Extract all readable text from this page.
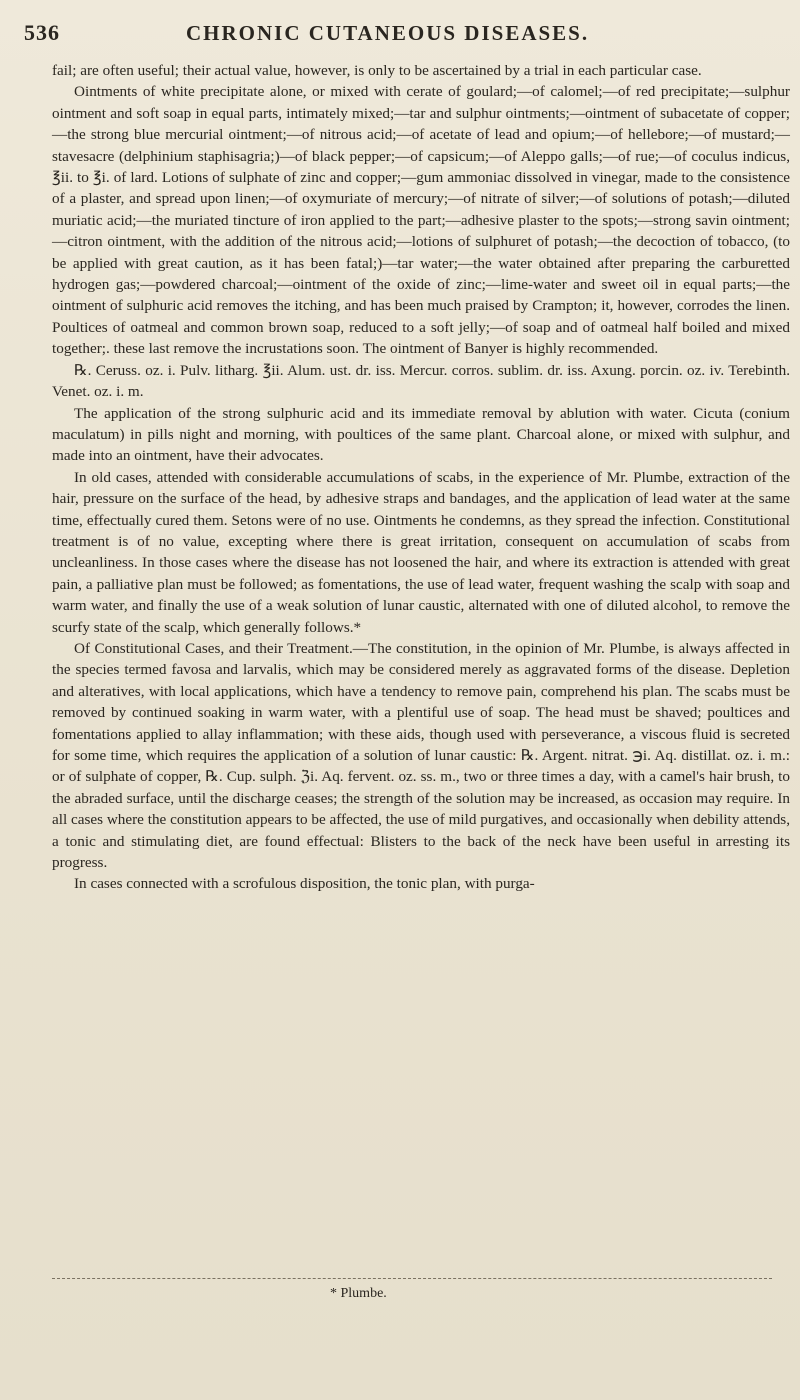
536	CHRONIC CUTANEOUS DISEASES.

fail; are often useful; their actual value, however, is only to be ascertained by a trial in each particular case.

Ointments of white precipitate alone, or mixed with cerate of goulard;—of calomel;—of red precipitate;—sulphur ointment and soft soap in equal parts, intimately mixed;—tar and sulphur ointments;—ointment of subacetate of copper;—the strong blue mercurial ointment;—of nitrous acid;—of acetate of lead and opium;—of hellebore;—of mustard;—stavesacre (delphinium staphisagria;)—of black pepper;—of capsicum;—of Aleppo galls;—of rue;—of coculus indicus, ℥ii. to ℥i. of lard. Lotions of sulphate of zinc and copper;—gum ammoniac dissolved in vinegar, made to the consistence of a plaster, and spread upon linen;—of oxymuriate of mercury;—of nitrate of silver;—of solutions of potash;—diluted muriatic acid;—the muriated tincture of iron applied to the part;—adhesive plaster to the spots;—strong savin ointment;—citron ointment, with the addition of the nitrous acid;—lotions of sulphuret of potash;—the decoction of tobacco, (to be applied with great caution, as it has been fatal;)—tar water;—the water obtained after preparing the carburetted hydrogen gas;—powdered charcoal;—ointment of the oxide of zinc;—lime-water and sweet oil in equal parts;—the ointment of sulphuric acid removes the itching, and has been much praised by Crampton; it, however, corrodes the linen. Poultices of oatmeal and common brown soap, reduced to a soft jelly;—of soap and of oatmeal half boiled and mixed together;. these last remove the incrustations soon. The ointment of Banyer is highly recommended.

℞. Ceruss. oz. i. Pulv. litharg. ℥ii. Alum. ust. dr. iss. Mercur. corros. sublim. dr. iss. Axung. porcin. oz. iv. Terebinth. Venet. oz. i. m.

The application of the strong sulphuric acid and its immediate removal by ablution with water. Cicuta (conium maculatum) in pills night and morning, with poultices of the same plant. Charcoal alone, or mixed with sulphur, and made into an ointment, have their advocates.

In old cases, attended with considerable accumulations of scabs, in the experience of Mr. Plumbe, extraction of the hair, pressure on the surface of the head, by adhesive straps and bandages, and the application of lead water at the same time, effectually cured them. Setons were of no use. Ointments he condemns, as they spread the infection. Constitutional treatment is of no value, excepting where there is great irritation, consequent on accumulation of scabs from uncleanliness. In those cases where the disease has not loosened the hair, and where its extraction is attended with great pain, a palliative plan must be followed; as fomentations, the use of lead water, frequent washing the scalp with soap and warm water, and finally the use of a weak solution of lunar caustic, alternated with one of diluted alcohol, to remove the scurfy state of the scalp, which generally follows.*

Of Constitutional Cases, and their Treatment.—The constitution, in the opinion of Mr. Plumbe, is always affected in the species termed favosa and larvalis, which may be considered merely as aggravated forms of the disease. Depletion and alteratives, with local applications, which have a tendency to remove pain, comprehend his plan. The scabs must be removed by continued soaking in warm water, with a plentiful use of soap. The head must be shaved; poultices and fomentations applied to allay inflammation; with these aids, though used with perseverance, a viscous fluid is secreted for some time, which requires the application of a solution of lunar caustic: ℞. Argent. nitrat. ℈i. Aq. distillat. oz. i. m.: or of sulphate of copper, ℞. Cup. sulph. ℨi. Aq. fervent. oz. ss. m., two or three times a day, with a camel's hair brush, to the abraded surface, until the discharge ceases; the strength of the solution may be increased, as occasion may require. In all cases where the constitution appears to be affected, the use of mild purgatives, and occasionally when debility attends, a tonic and stimulating diet, are found effectual: Blisters to the back of the neck have been useful in arresting its progress.

In cases connected with a scrofulous disposition, the tonic plan, with purga-

* Plumbe.
